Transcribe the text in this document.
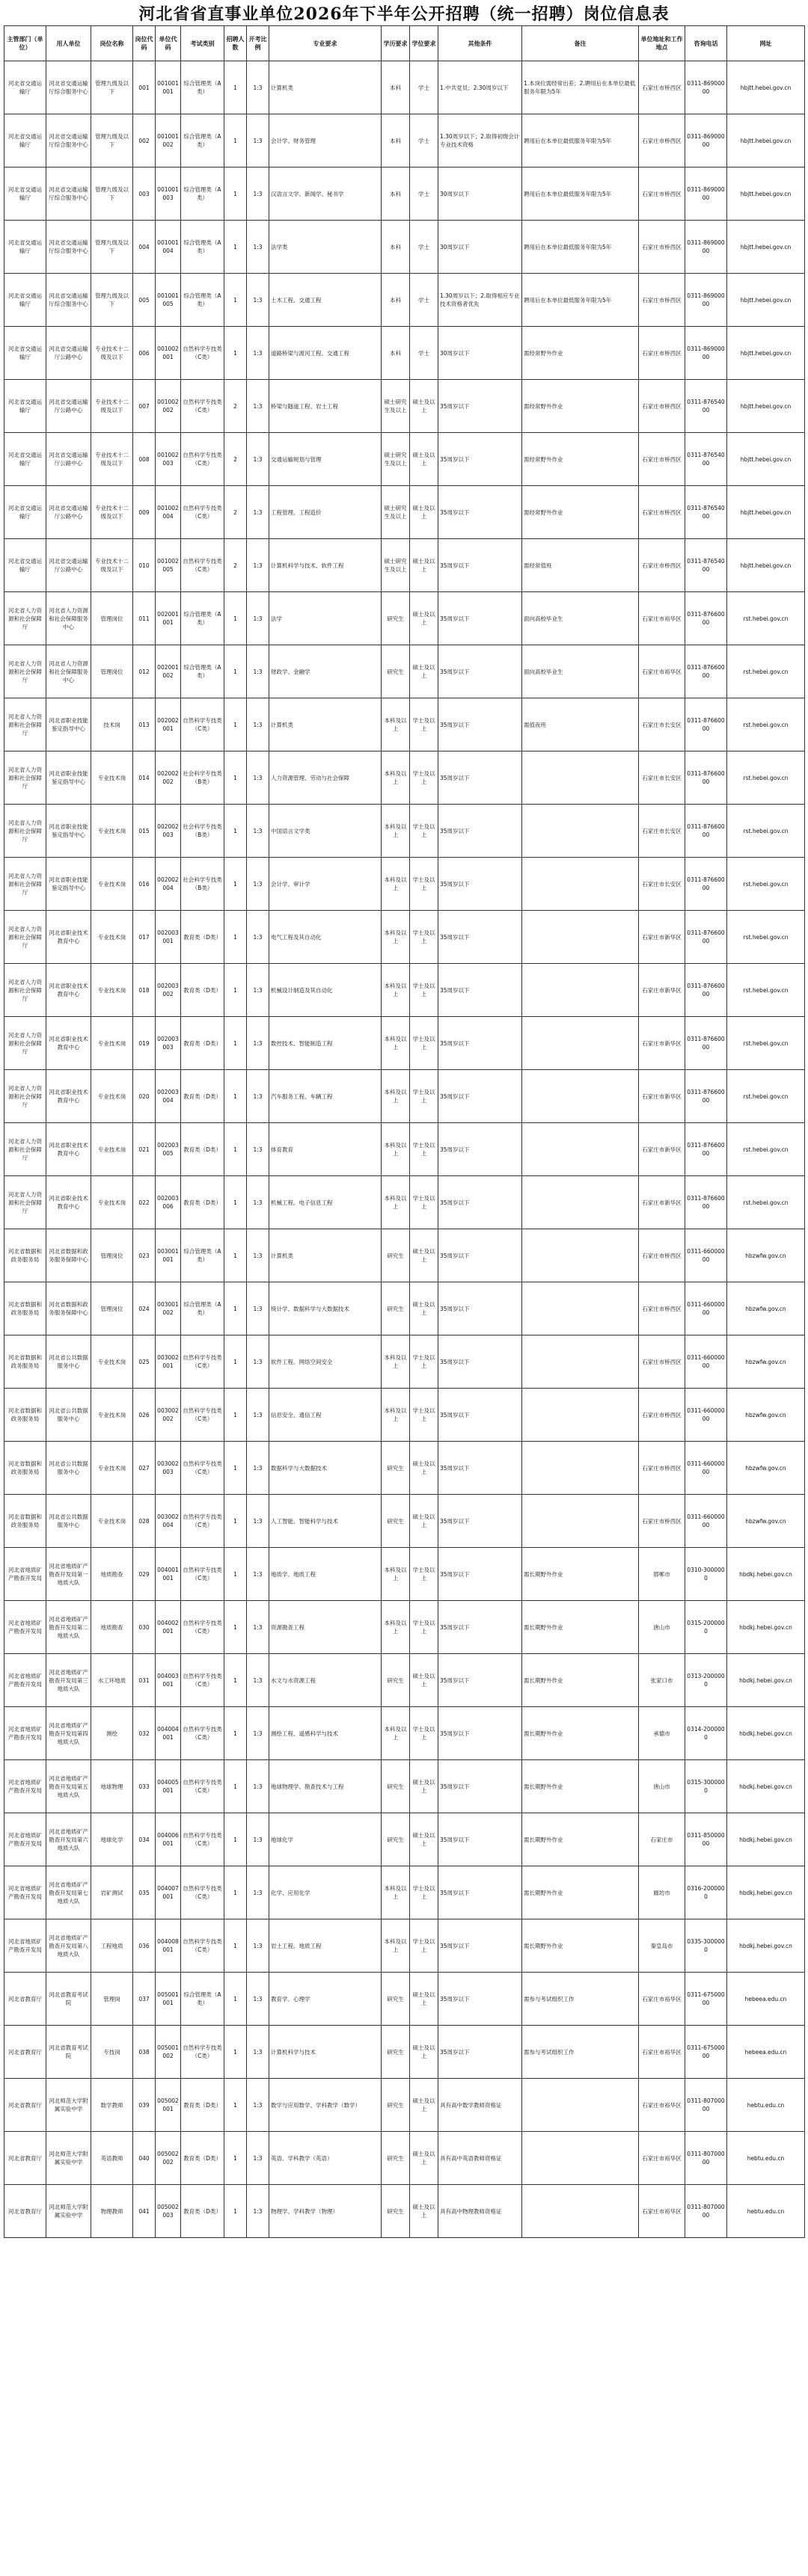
河北省省直事业单位2026年下半年公开招聘（统一招聘）岗位信息表
主管部门（单位）	用人单位	岗位名称	岗位代码	单位代码	考试类别	招聘人数	开考比例	专业要求	学历要求	学位要求	其他条件	备注	单位地址和工作地点	咨询电话	网址
河北省交通运输厅	河北省交通运输厅综合服务中心	管理九级及以下	001	001001001	综合管理类（A类）	1	1:3	计算机类	本科	学士	1.中共党员；2.30周岁以下	1.本岗位需经常出差；2.聘用后在本单位最低服务年限为5年	石家庄市桥西区	0311-86900000	hbjtt.hebei.gov.cn
河北省交通运输厅	河北省交通运输厅综合服务中心	管理九级及以下	002	001001002	综合管理类（A类）	1	1:3	会计学、财务管理	本科	学士	1.30周岁以下；2.取得初级会计专业技术资格	聘用后在本单位最低服务年限为5年	石家庄市桥西区	0311-86900000	hbjtt.hebei.gov.cn
河北省交通运输厅	河北省交通运输厅综合服务中心	管理九级及以下	003	001001003	综合管理类（A类）	1	1:3	汉语言文学、新闻学、秘书学	本科	学士	30周岁以下	聘用后在本单位最低服务年限为5年	石家庄市桥西区	0311-86900000	hbjtt.hebei.gov.cn
河北省交通运输厅	河北省交通运输厅综合服务中心	管理九级及以下	004	001001004	综合管理类（A类）	1	1:3	法学类	本科	学士	30周岁以下	聘用后在本单位最低服务年限为5年	石家庄市桥西区	0311-86900000	hbjtt.hebei.gov.cn
河北省交通运输厅	河北省交通运输厅综合服务中心	管理九级及以下	005	001001005	综合管理类（A类）	1	1:3	土木工程、交通工程	本科	学士	1.30周岁以下；2.取得相应专业技术资格者优先	聘用后在本单位最低服务年限为5年	石家庄市桥西区	0311-86900000	hbjtt.hebei.gov.cn
河北省交通运输厅	河北省交通运输厅公路中心	专业技术十二级及以下	006	001002001	自然科学专技类（C类）	1	1:3	道路桥梁与渡河工程、交通工程	本科	学士	30周岁以下	需经常野外作业	石家庄市桥西区	0311-86900000	hbjtt.hebei.gov.cn
河北省交通运输厅	河北省交通运输厅公路中心	专业技术十二级及以下	007	001002002	自然科学专技类（C类）	2	1:3	桥梁与隧道工程、岩土工程	硕士研究生及以上	硕士及以上	35周岁以下	需经常野外作业	石家庄市桥西区	0311-87654000	hbjtt.hebei.gov.cn
河北省交通运输厅	河北省交通运输厅公路中心	专业技术十二级及以下	008	001002003	自然科学专技类（C类）	2	1:3	交通运输规划与管理	硕士研究生及以上	硕士及以上	35周岁以下	需经常野外作业	石家庄市桥西区	0311-87654000	hbjtt.hebei.gov.cn
河北省交通运输厅	河北省交通运输厅公路中心	专业技术十二级及以下	009	001002004	自然科学专技类（C类）	2	1:3	工程管理、工程造价	硕士研究生及以上	硕士及以上	35周岁以下	需经常野外作业	石家庄市桥西区	0311-87654000	hbjtt.hebei.gov.cn
河北省交通运输厅	河北省交通运输厅公路中心	专业技术十二级及以下	010	001002005	自然科学专技类（C类）	2	1:3	计算机科学与技术、软件工程	硕士研究生及以上	硕士及以上	35周岁以下	需经常值班	石家庄市桥西区	0311-87654000	hbjtt.hebei.gov.cn
河北省人力资源和社会保障厅	河北省人力资源和社会保障服务中心	管理岗位	011	002001001	综合管理类（A类）	1	1:3	法学	研究生	硕士及以上	35周岁以下	面向高校毕业生	石家庄市裕华区	0311-87660000	rst.hebei.gov.cn
河北省人力资源和社会保障厅	河北省人力资源和社会保障服务中心	管理岗位	012	002001002	综合管理类（A类）	1	1:3	财政学、金融学	研究生	硕士及以上	35周岁以下	面向高校毕业生	石家庄市裕华区	0311-87660000	rst.hebei.gov.cn
河北省人力资源和社会保障厅	河北省职业技能鉴定指导中心	技术岗	013	002002001	自然科学专技类（C类）	1	1:3	计算机类	本科及以上	学士及以上	35周岁以下	需值夜班	石家庄市长安区	0311-87660000	rst.hebei.gov.cn
河北省人力资源和社会保障厅	河北省职业技能鉴定指导中心	专业技术岗	014	002002002	社会科学专技类（B类）	1	1:3	人力资源管理、劳动与社会保障	本科及以上	学士及以上	35周岁以下		石家庄市长安区	0311-87660000	rst.hebei.gov.cn
河北省人力资源和社会保障厅	河北省职业技能鉴定指导中心	专业技术岗	015	002002003	社会科学专技类（B类）	1	1:3	中国语言文学类	本科及以上	学士及以上	35周岁以下		石家庄市长安区	0311-87660000	rst.hebei.gov.cn
河北省人力资源和社会保障厅	河北省职业技能鉴定指导中心	专业技术岗	016	002002004	社会科学专技类（B类）	1	1:3	会计学、审计学	本科及以上	学士及以上	35周岁以下		石家庄市长安区	0311-87660000	rst.hebei.gov.cn
河北省人力资源和社会保障厅	河北省职业技术教育中心	专业技术岗	017	002003001	教育类（D类）	1	1:3	电气工程及其自动化	本科及以上	学士及以上	35周岁以下		石家庄市新华区	0311-87660000	rst.hebei.gov.cn
河北省人力资源和社会保障厅	河北省职业技术教育中心	专业技术岗	018	002003002	教育类（D类）	1	1:3	机械设计制造及其自动化	本科及以上	学士及以上	35周岁以下		石家庄市新华区	0311-87660000	rst.hebei.gov.cn
河北省人力资源和社会保障厅	河北省职业技术教育中心	专业技术岗	019	002003003	教育类（D类）	1	1:3	数控技术、智能制造工程	本科及以上	学士及以上	35周岁以下		石家庄市新华区	0311-87660000	rst.hebei.gov.cn
河北省人力资源和社会保障厅	河北省职业技术教育中心	专业技术岗	020	002003004	教育类（D类）	1	1:3	汽车服务工程、车辆工程	本科及以上	学士及以上	35周岁以下		石家庄市新华区	0311-87660000	rst.hebei.gov.cn
河北省人力资源和社会保障厅	河北省职业技术教育中心	专业技术岗	021	002003005	教育类（D类）	1	1:3	体育教育	本科及以上	学士及以上	35周岁以下		石家庄市新华区	0311-87660000	rst.hebei.gov.cn
河北省人力资源和社会保障厅	河北省职业技术教育中心	专业技术岗	022	002003006	教育类（D类）	1	1:3	机械工程、电子信息工程	本科及以上	学士及以上	35周岁以下		石家庄市新华区	0311-87660000	rst.hebei.gov.cn
河北省数据和政务服务局	河北省数据和政务服务保障中心	管理岗位	023	003001001	综合管理类（A类）	1	1:3	计算机类	研究生	硕士及以上	35周岁以下		石家庄市桥西区	0311-66000000	hbzwfw.gov.cn
河北省数据和政务服务局	河北省数据和政务服务保障中心	管理岗位	024	003001002	综合管理类（A类）	1	1:3	统计学、数据科学与大数据技术	研究生	硕士及以上	35周岁以下		石家庄市桥西区	0311-66000000	hbzwfw.gov.cn
河北省数据和政务服务局	河北省公共数据服务中心	专业技术岗	025	003002001	自然科学专技类（C类）	1	1:3	软件工程、网络空间安全	本科及以上	学士及以上	35周岁以下		石家庄市桥西区	0311-66000000	hbzwfw.gov.cn
河北省数据和政务服务局	河北省公共数据服务中心	专业技术岗	026	003002002	自然科学专技类（C类）	1	1:3	信息安全、通信工程	本科及以上	学士及以上	35周岁以下		石家庄市桥西区	0311-66000000	hbzwfw.gov.cn
河北省数据和政务服务局	河北省公共数据服务中心	专业技术岗	027	003002003	自然科学专技类（C类）	1	1:3	数据科学与大数据技术	研究生	硕士及以上	35周岁以下		石家庄市桥西区	0311-66000000	hbzwfw.gov.cn
河北省数据和政务服务局	河北省公共数据服务中心	专业技术岗	028	003002004	自然科学专技类（C类）	1	1:3	人工智能、智能科学与技术	研究生	硕士及以上	35周岁以下		石家庄市桥西区	0311-66000000	hbzwfw.gov.cn
河北省地质矿产勘查开发局	河北省地质矿产勘查开发局第一地质大队	地质勘查	029	004001001	自然科学专技类（C类）	1	1:3	地质学、地质工程	本科及以上	学士及以上	35周岁以下	需长期野外作业	邯郸市	0310-3000000	hbdkj.hebei.gov.cn
河北省地质矿产勘查开发局	河北省地质矿产勘查开发局第二地质大队	地质勘查	030	004002001	自然科学专技类（C类）	1	1:3	资源勘查工程	本科及以上	学士及以上	35周岁以下	需长期野外作业	唐山市	0315-2000000	hbdkj.hebei.gov.cn
河北省地质矿产勘查开发局	河北省地质矿产勘查开发局第三地质大队	水工环地质	031	004003001	自然科学专技类（C类）	1	1:3	水文与水资源工程	研究生	硕士及以上	35周岁以下	需长期野外作业	张家口市	0313-2000000	hbdkj.hebei.gov.cn
河北省地质矿产勘查开发局	河北省地质矿产勘查开发局第四地质大队	测绘	032	004004001	自然科学专技类（C类）	1	1:3	测绘工程、遥感科学与技术	本科及以上	学士及以上	35周岁以下	需长期野外作业	承德市	0314-2000000	hbdkj.hebei.gov.cn
河北省地质矿产勘查开发局	河北省地质矿产勘查开发局第五地质大队	地球物理	033	004005001	自然科学专技类（C类）	1	1:3	地球物理学、勘查技术与工程	研究生	硕士及以上	35周岁以下	需长期野外作业	唐山市	0315-3000000	hbdkj.hebei.gov.cn
河北省地质矿产勘查开发局	河北省地质矿产勘查开发局第六地质大队	地球化学	034	004006001	自然科学专技类（C类）	1	1:3	地球化学	研究生	硕士及以上	35周岁以下	需长期野外作业	石家庄市	0311-85000000	hbdkj.hebei.gov.cn
河北省地质矿产勘查开发局	河北省地质矿产勘查开发局第七地质大队	岩矿测试	035	004007001	自然科学专技类（C类）	1	1:3	化学、应用化学	本科及以上	学士及以上	35周岁以下	需长期野外作业	廊坊市	0316-2000000	hbdkj.hebei.gov.cn
河北省地质矿产勘查开发局	河北省地质矿产勘查开发局第八地质大队	工程地质	036	004008001	自然科学专技类（C类）	1	1:3	岩土工程、地质工程	本科及以上	学士及以上	35周岁以下	需长期野外作业	秦皇岛市	0335-3000000	hbdkj.hebei.gov.cn
河北省教育厅	河北省教育考试院	管理岗	037	005001001	综合管理类（A类）	1	1:3	教育学、心理学	研究生	硕士及以上	35周岁以下	需参与考试组织工作	石家庄市裕华区	0311-67500000	hebeea.edu.cn
河北省教育厅	河北省教育考试院	专技岗	038	005001002	自然科学专技类（C类）	1	1:3	计算机科学与技术	研究生	硕士及以上	35周岁以下	需参与考试组织工作	石家庄市裕华区	0311-67500000	hebeea.edu.cn
河北省教育厅	河北师范大学附属实验中学	数学教师	039	005002001	教育类（D类）	1	1:3	数学与应用数学、学科教学（数学）	研究生	硕士及以上	具有高中数学教师资格证		石家庄市裕华区	0311-80700000	hebtu.edu.cn
河北省教育厅	河北师范大学附属实验中学	英语教师	040	005002002	教育类（D类）	1	1:3	英语、学科教学（英语）	研究生	硕士及以上	具有高中英语教师资格证		石家庄市裕华区	0311-80700000	hebtu.edu.cn
河北省教育厅	河北师范大学附属实验中学	物理教师	041	005002003	教育类（D类）	1	1:3	物理学、学科教学（物理）	研究生	硕士及以上	具有高中物理教师资格证		石家庄市裕华区	0311-80700000	hebtu.edu.cn
